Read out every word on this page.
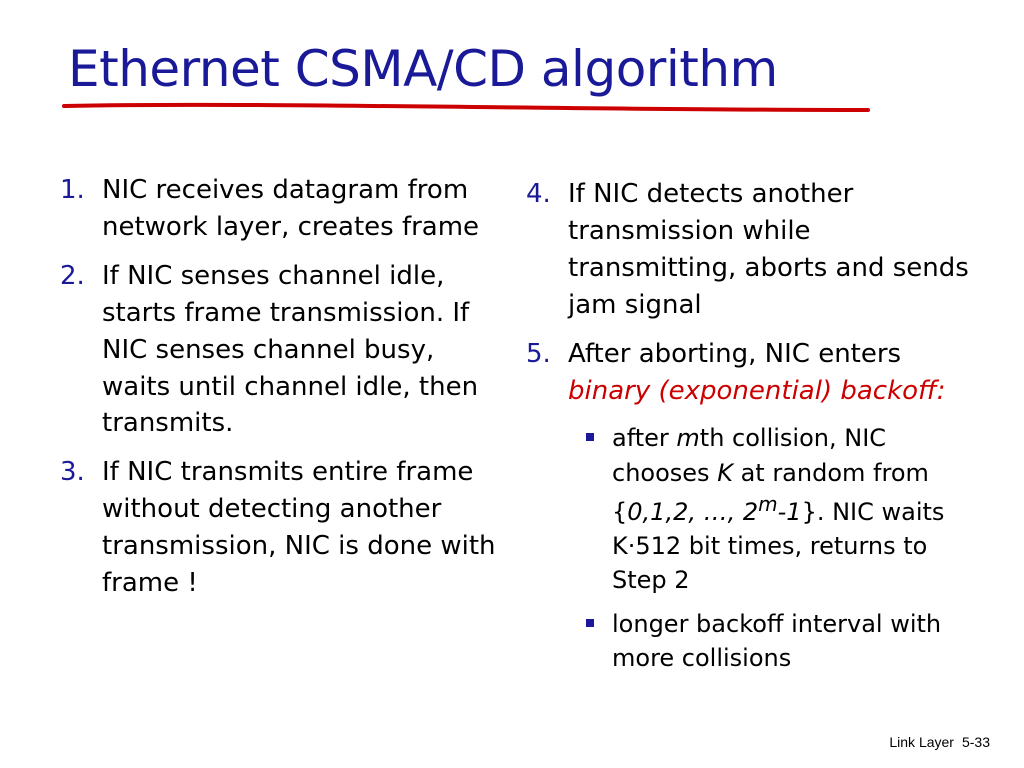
Ethernet CSMA/CD algorithm
1. NIC receives datagram from network layer, creates frame
2. If NIC senses channel idle, starts frame transmission. If NIC senses channel busy, waits until channel idle, then transmits.
3. If NIC transmits entire frame without detecting another transmission, NIC is done with frame !
4. If NIC detects another transmission while transmitting, aborts and sends jam signal
5. After aborting, NIC enters binary (exponential) backoff:
after mth collision, NIC chooses K at random from {0,1,2, …, 2$^m$-1}. NIC waits K·512 bit times, returns to Step 2
longer backoff interval with more collisions
Link Layer 5-33
